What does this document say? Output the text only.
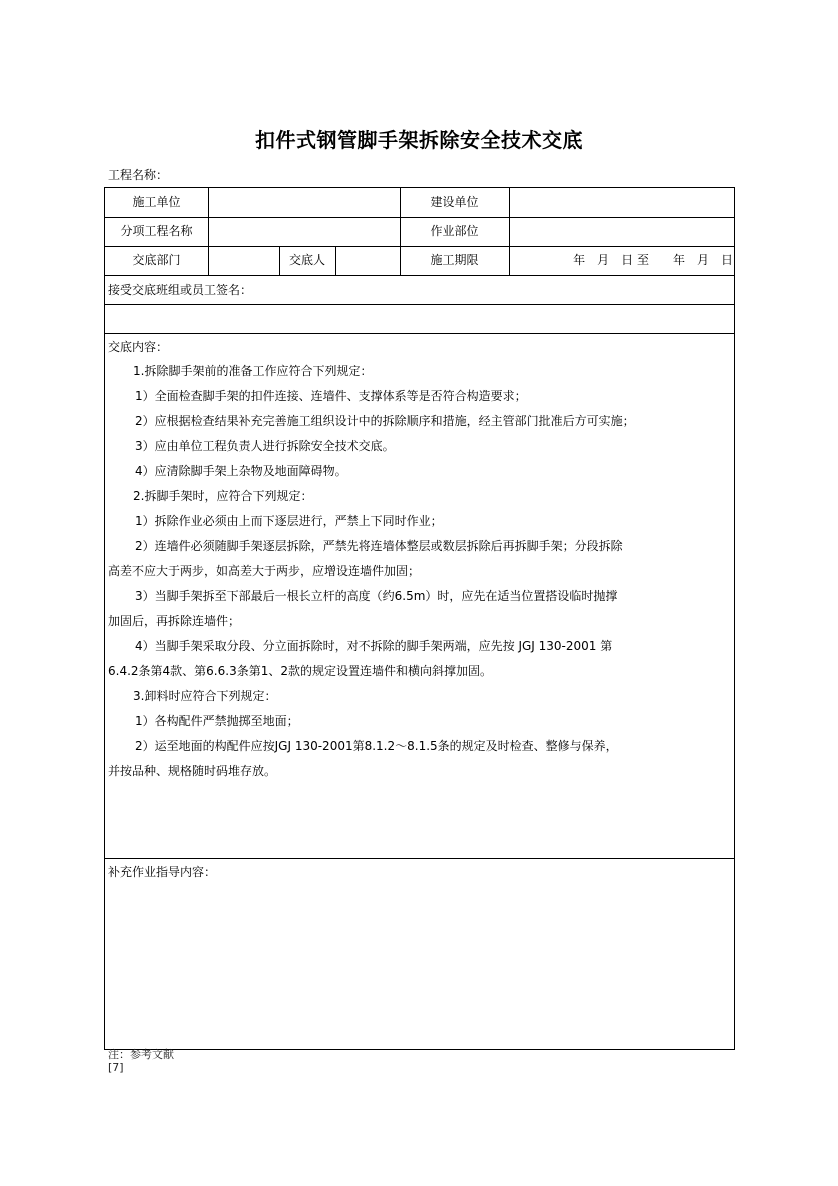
扣件式钢管脚手架拆除安全技术交底
工程名称：
施工单位	建设单位
分项工程名称	作业部位
交底部门	交底人	施工期限	年　月　日 至　　年　月　日
接受交底班组或员工签名：
交底内容：
1.拆除脚手架前的准备工作应符合下列规定：
1）全面检查脚手架的扣件连接、连墙件、支撑体系等是否符合构造要求；
2）应根据检查结果补充完善施工组织设计中的拆除顺序和措施，经主管部门批准后方可实施；
3）应由单位工程负责人进行拆除安全技术交底。
4）应清除脚手架上杂物及地面障碍物。
2.拆脚手架时，应符合下列规定：
1）拆除作业必须由上而下逐层进行，严禁上下同时作业；
2）连墙件必须随脚手架逐层拆除，严禁先将连墙体整层或数层拆除后再拆脚手架；分段拆除
高差不应大于两步，如高差大于两步，应增设连墙件加固；
3）当脚手架拆至下部最后一根长立杆的高度（约6.5m）时，应先在适当位置搭设临时抛撑
加固后，再拆除连墙件；
4）当脚手架采取分段、分立面拆除时，对不拆除的脚手架两端，应先按 JGJ 130-2001 第
6.4.2条第4款、第6.6.3条第1、2款的规定设置连墙件和横向斜撑加固。
3.卸料时应符合下列规定：
1）各构配件严禁抛掷至地面；
2）运至地面的构配件应按JGJ 130-2001第8.1.2～8.1.5条的规定及时检查、整修与保养，
并按品种、规格随时码堆存放。
补充作业指导内容：
注：参考文献
[7]
